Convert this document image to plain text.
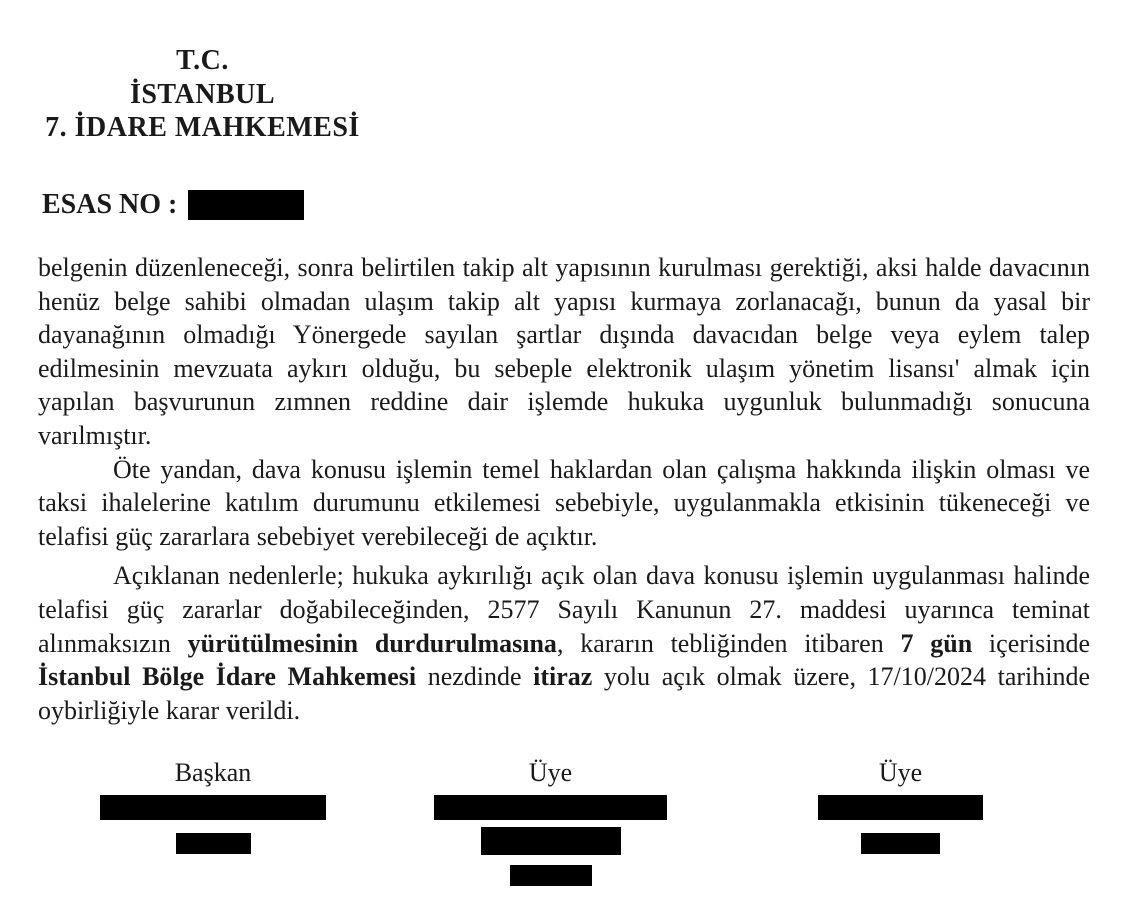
T.C.
İSTANBUL
7. İDARE MAHKEMESİ
ESAS NO :

belgenin düzenleneceği, sonra belirtilen takip alt yapısının kurulması gerektiği, aksi halde davacının henüz belge sahibi olmadan ulaşım takip alt yapısı kurmaya zorlanacağı, bunun da yasal bir dayanağının olmadığı Yönergede sayılan şartlar dışında davacıdan belge veya eylem talep edilmesinin mevzuata aykırı olduğu, bu sebeple elektronik ulaşım yönetim lisansı' almak için yapılan başvurunun zımnen reddine dair işlemde hukuka uygunluk bulunmadığı sonucuna varılmıştır.

Öte yandan, dava konusu işlemin temel haklardan olan çalışma hakkında ilişkin olması ve taksi ihalelerine katılım durumunu etkilemesi sebebiyle, uygulanmakla etkisinin tükeneceği ve telafisi güç zararlara sebebiyet verebileceği de açıktır.

Açıklanan nedenlerle; hukuka aykırılığı açık olan dava konusu işlemin uygulanması halinde telafisi güç zararlar doğabileceğinden, 2577 Sayılı Kanunun 27. maddesi uyarınca teminat alınmaksızın yürütülmesinin durdurulmasına, kararın tebliğinden itibaren 7 gün içerisinde İstanbul Bölge İdare Mahkemesi nezdinde itiraz yolu açık olmak üzere, 17/10/2024 tarihinde oybirliğiyle karar verildi.

Başkan	Üye	Üye
